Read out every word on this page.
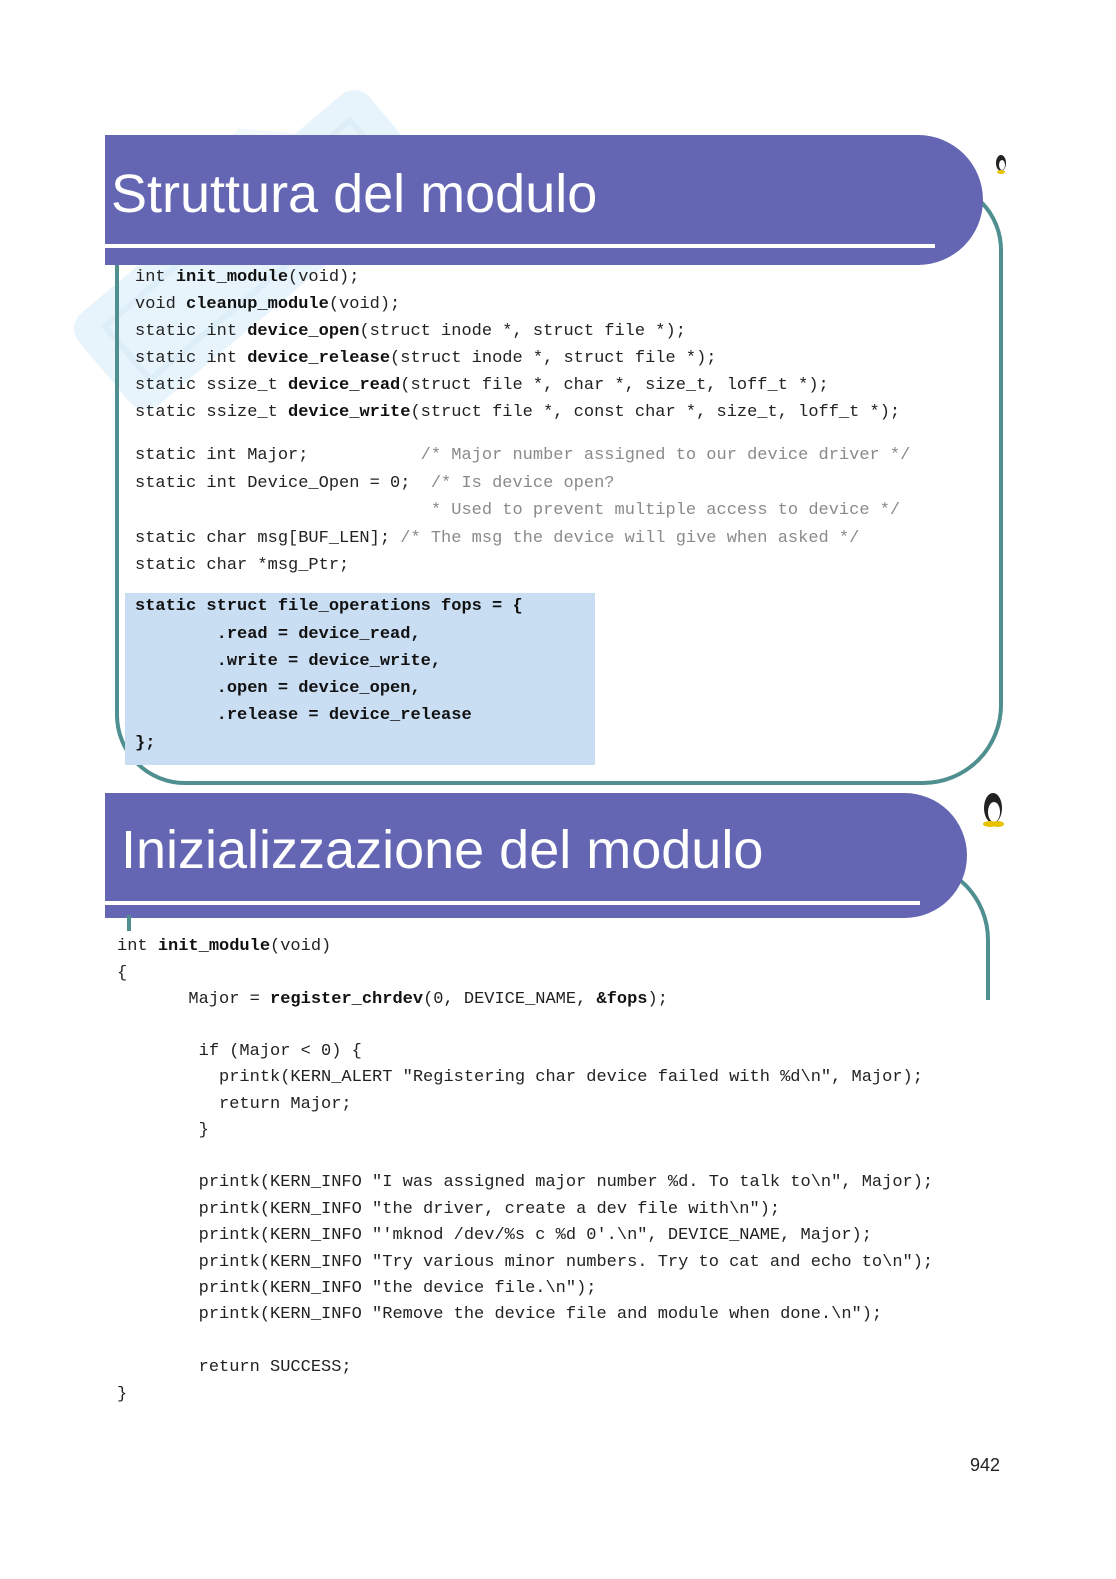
Struttura del modulo
int init_module(void);
void cleanup_module(void);
static int device_open(struct inode *, struct file *);
static int device_release(struct inode *, struct file *);
static ssize_t device_read(struct file *, char *, size_t, loff_t *);
static ssize_t device_write(struct file *, const char *, size_t, loff_t *);
static int Major;           /* Major number assigned to our device driver */
static int Device_Open = 0;  /* Is device open?
* Used to prevent multiple access to device */
static char msg[BUF_LEN]; /* The msg the device will give when asked */
static char *msg_Ptr;
static struct file_operations fops = {
.read = device_read,
.write = device_write,
.open = device_open,
.release = device_release
};
Inizializzazione del modulo
int init_module(void)
{
Major = register_chrdev(0, DEVICE_NAME, &fops);
if (Major < 0) {
printk(KERN_ALERT "Registering char device failed with %d\n", Major);
return Major;
}
printk(KERN_INFO "I was assigned major number %d. To talk to\n", Major);
printk(KERN_INFO "the driver, create a dev file with\n");
printk(KERN_INFO "'mknod /dev/%s c %d 0'.\n", DEVICE_NAME, Major);
printk(KERN_INFO "Try various minor numbers. Try to cat and echo to\n");
printk(KERN_INFO "the device file.\n");
printk(KERN_INFO "Remove the device file and module when done.\n");
return SUCCESS;
}
942
